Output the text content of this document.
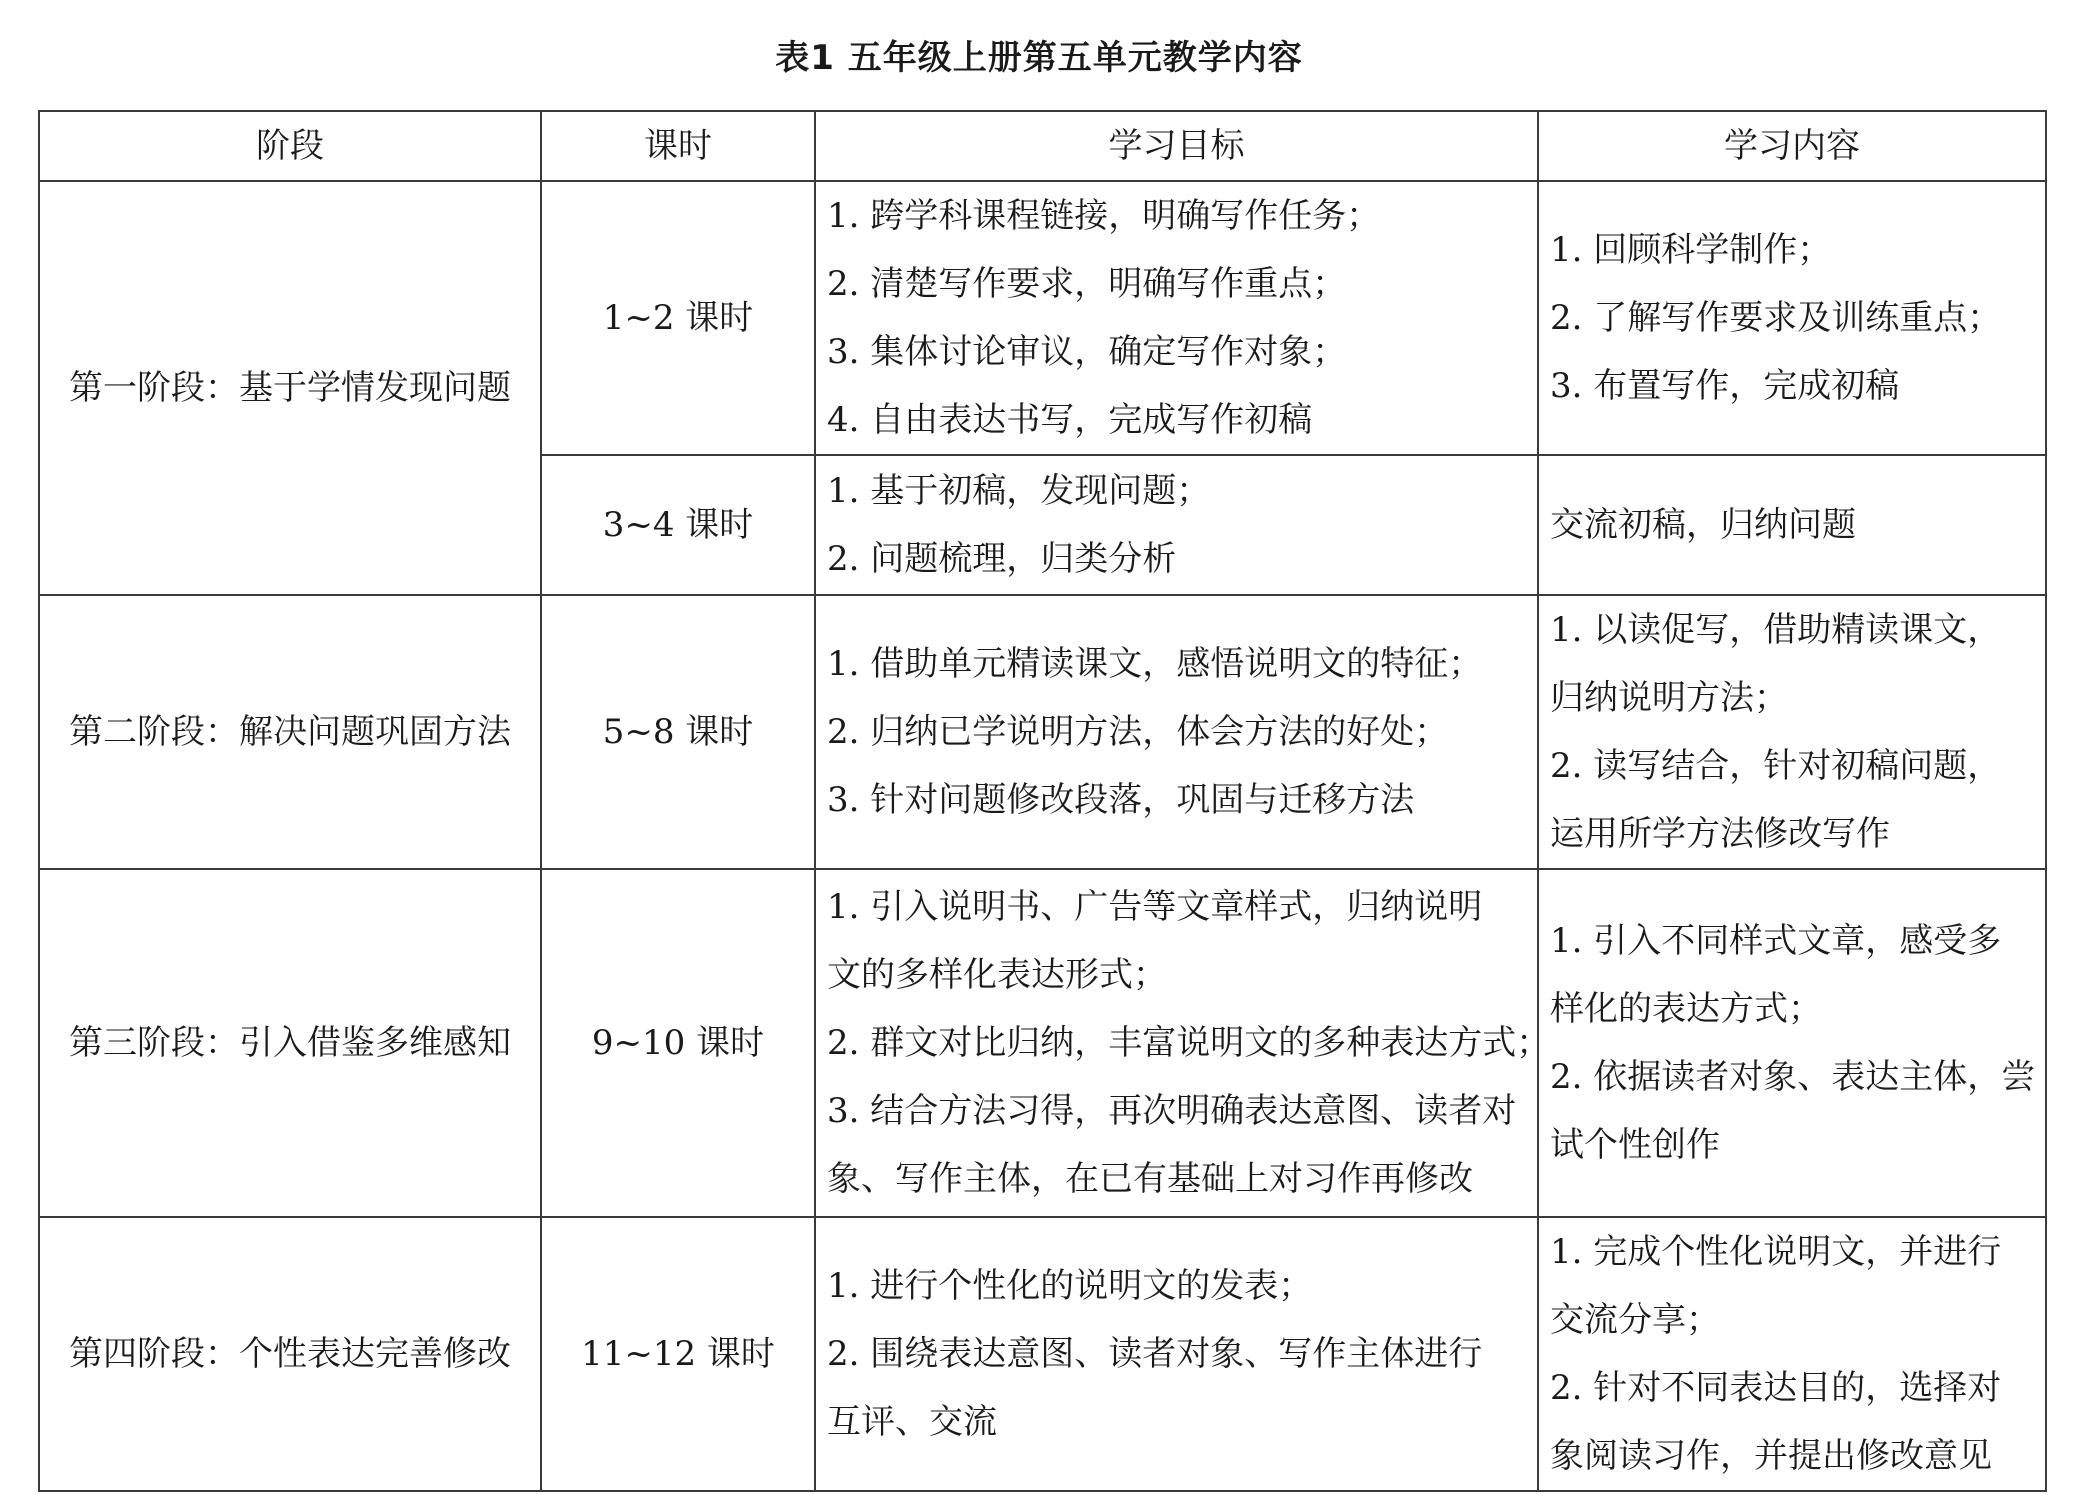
表1 五年级上册第五单元教学内容
阶段	课时	学习目标	学习内容
第一阶段：基于学情发现问题	1~2 课时	1. 跨学科课程链接，明确写作任务；
2. 清楚写作要求，明确写作重点；
3. 集体讨论审议，确定写作对象；
4. 自由表达书写，完成写作初稿	1. 回顾科学制作；
2. 了解写作要求及训练重点；
3. 布置写作，完成初稿

	3~4 课时	1. 基于初稿，发现问题；
2. 问题梳理，归类分析	交流初稿，归纳问题

第二阶段：解决问题巩固方法	5~8 课时	1. 借助单元精读课文，感悟说明文的特征；
2. 归纳已学说明方法，体会方法的好处；
3. 针对问题修改段落，巩固与迁移方法	1. 以读促写，借助精读课文，
归纳说明方法；
2. 读写结合，针对初稿问题，
运用所学方法修改写作

第三阶段：引入借鉴多维感知	9~10 课时	1. 引入说明书、广告等文章样式，归纳说明
文的多样化表达形式；
2. 群文对比归纳，丰富说明文的多种表达方式；
3. 结合方法习得，再次明确表达意图、读者对
象、写作主体，在已有基础上对习作再修改	1. 引入不同样式文章，感受多
样化的表达方式；
2. 依据读者对象、表达主体，尝
试个性创作

第四阶段：个性表达完善修改	11~12 课时	1. 进行个性化的说明文的发表；
2. 围绕表达意图、读者对象、写作主体进行
互评、交流	1. 完成个性化说明文，并进行
交流分享；
2. 针对不同表达目的，选择对
象阅读习作，并提出修改意见
